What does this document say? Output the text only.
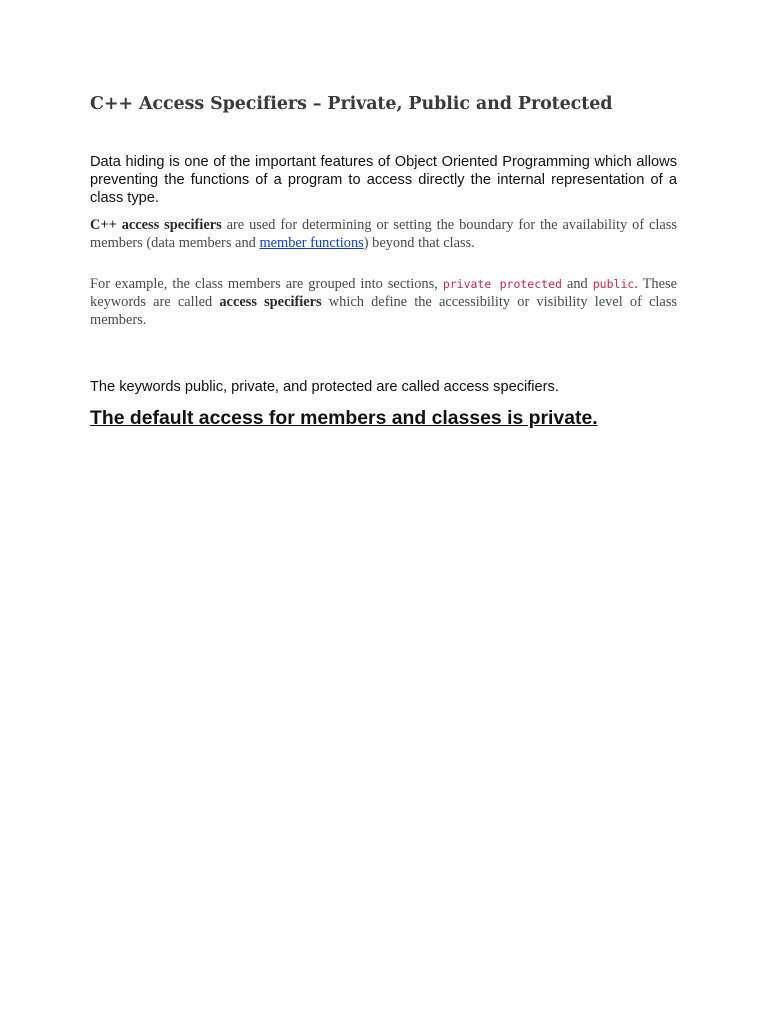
C++ Access Specifiers – Private, Public and Protected

Data hiding is one of the important features of Object Oriented Programming which allows preventing the functions of a program to access directly the internal representation of a class type.

C++ access specifiers are used for determining or setting the boundary for the availability of class members (data members and member functions) beyond that class.

For example, the class members are grouped into sections, private protected and public. These keywords are called access specifiers which define the accessibility or visibility level of class members.

The keywords public, private, and protected are called access specifiers.

The default access for members and classes is private.
